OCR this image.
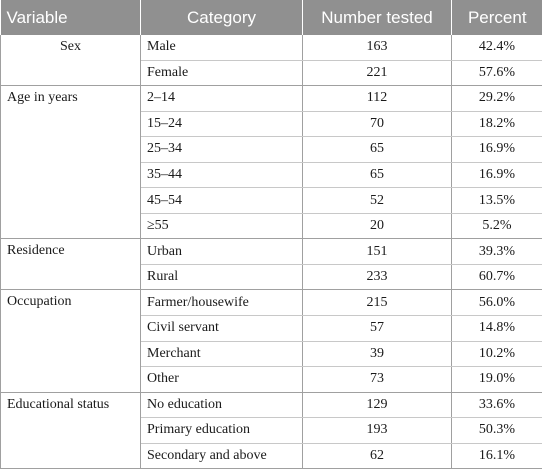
Variable	Category	Number tested	Percent
Sex	Male	163	42.4%
	Female	221	57.6%
Age in years	2–14	112	29.2%
	15–24	70	18.2%
	25–34	65	16.9%
	35–44	65	16.9%
	45–54	52	13.5%
	≥55	20	5.2%
Residence	Urban	151	39.3%
	Rural	233	60.7%
Occupation	Farmer/housewife	215	56.0%
	Civil servant	57	14.8%
	Merchant	39	10.2%
	Other	73	19.0%
Educational status	No education	129	33.6%
	Primary education	193	50.3%
	Secondary and above	62	16.1%
